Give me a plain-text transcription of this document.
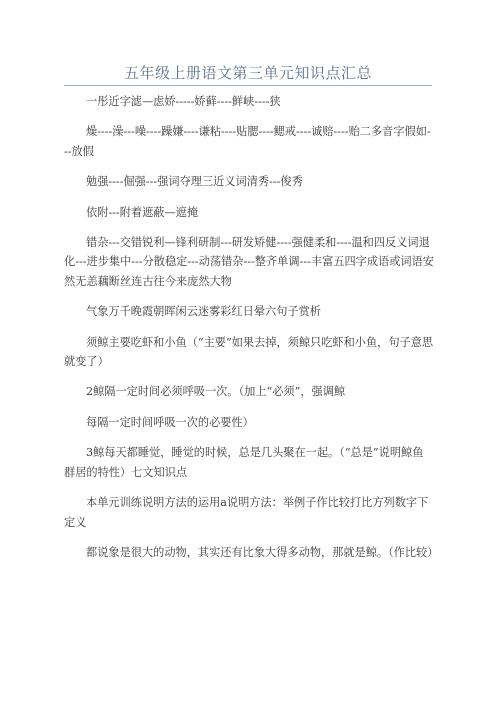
五年级上册语文第三单元知识点汇总

一彤近字滤—虑娇-----娇藓----鲜峡----狭

燥----澡---噪----躁嫌----谦粘----贴腮----鳃戒----诚赔----贻二多音字假如---放假

勉强----倔强---强词夺理三近义词清秀---俊秀

依附---附着遮蔽—遮掩

错杂---交错锐利—锋利研制---研发矫健----强健柔和----温和四反义词退化---进步集中---分散稳定---动荡错杂---整齐单调---丰富五四字成语或词语安然无恙藕断丝连古往今来庞然大物

气象万千晚霞朝晖闲云迷雾彩红日晕六句子赏析

须鲸主要吃虾和小鱼（“主要”如果去掉，须鲸只吃虾和小鱼，句子意思就变了）

2鲸隔一定时间必须呼吸一次。（加上“必须”，强调鲸

每隔一定时间呼吸一次的必要性）

3鲸每天都睡觉，睡觉的时候，总是几头聚在一起。（“总是”说明鲸鱼群居的特性）七文知识点

本单元训练说明方法的运用a说明方法：举例子作比较打比方列数字下定义

都说象是很大的动物，其实还有比象大得多动物，那就是鲸。（作比较）
